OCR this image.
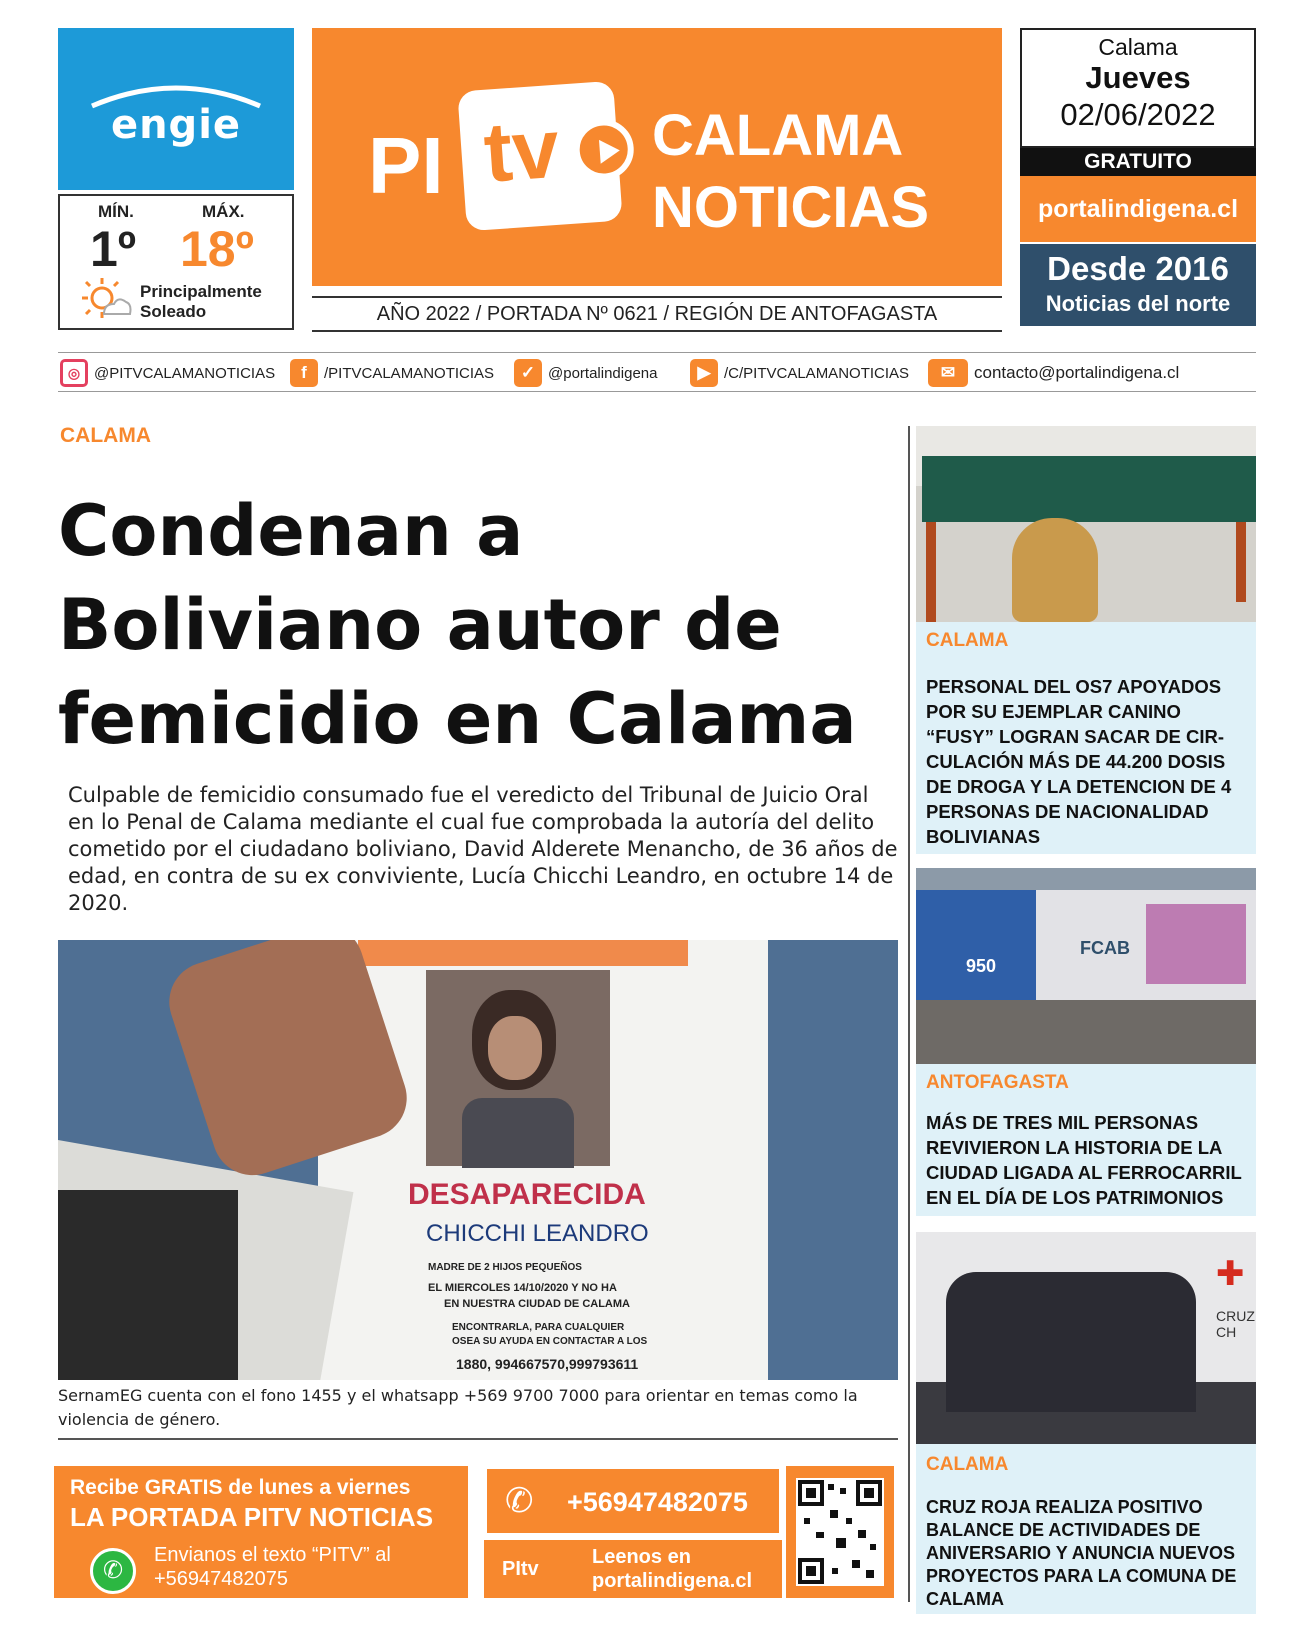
engie
MÍN.	MÁX.
1º 18º
Principalmente Soleado
PI tv	CALAMA
NOTICIAS
AÑO 2022 / PORTADA Nº 0621 / REGIÓN DE ANTOFAGASTA
Calama
Jueves
02/06/2022
GRATUITO
portalindigena.cl
Desde 2016
Noticias del norte
◎ @PITVCALAMANOTICIAS	f	/PITVCALAMANOTICIAS	✓ @portalindigena	▶ /C/PITVCALAMANOTICIAS	✉	contacto@portalindigena.cl
CALAMA
Condenan a Boliviano autor de femicidio en Calama
Culpable de femicidio consumado fue el veredicto del Tribunal de Juicio Oral en lo Penal de Calama mediante el cual fue comprobada la autoría del delito cometido por el ciudadano boliviano, David Alderete Menancho, de 36 años de edad, en contra de su ex conviviente, Lucía Chicchi Leandro, en octubre 14 de 2020.
DESAPARECIDA
CHICCHI LEANDRO
MADRE DE 2 HIJOS PEQUEÑOS
EL MIERCOLES 14/10/2020 Y NO HA
EN NUESTRA CIUDAD DE CALAMA
ENCONTRARLA, PARA CUALQUIER
OSEA SU AYUDA EN CONTACTAR A LOS
1880, 994667570,999793611
SernamEG cuenta con el fono 1455 y el whatsapp +569 9700 7000 para orientar en temas como la violencia de género.
Recibe GRATIS de lunes a viernes
LA PORTADA PITV NOTICIAS
✆
Envianos el texto “PITV” al
+56947482075
✆ +56947482075
PItv
Leenos en
portalindigena.cl
CALAMA
PERSONAL DEL OS7 APOYADOS POR SU EJEMPLAR CANINO “FUSY” LOGRAN SACAR DE CIR-CULACIÓN MÁS DE 44.200 DOSIS DE DROGA Y LA DETENCION DE 4 PERSONAS DE NACIONALIDAD BOLIVIANAS
950
FCAB
ANTOFAGASTA
MÁS DE TRES MIL PERSONAS REVIVIERON LA HISTORIA DE LA CIUDAD LIGADA AL FERROCARRIL EN EL DÍA DE LOS PATRIMONIOS
✚
CRUZ CH
CALAMA
CRUZ ROJA REALIZA POSITIVO BALANCE DE ACTIVIDADES DE ANIVERSARIO Y ANUNCIA NUEVOS PROYECTOS PARA LA COMUNA DE CALAMA
